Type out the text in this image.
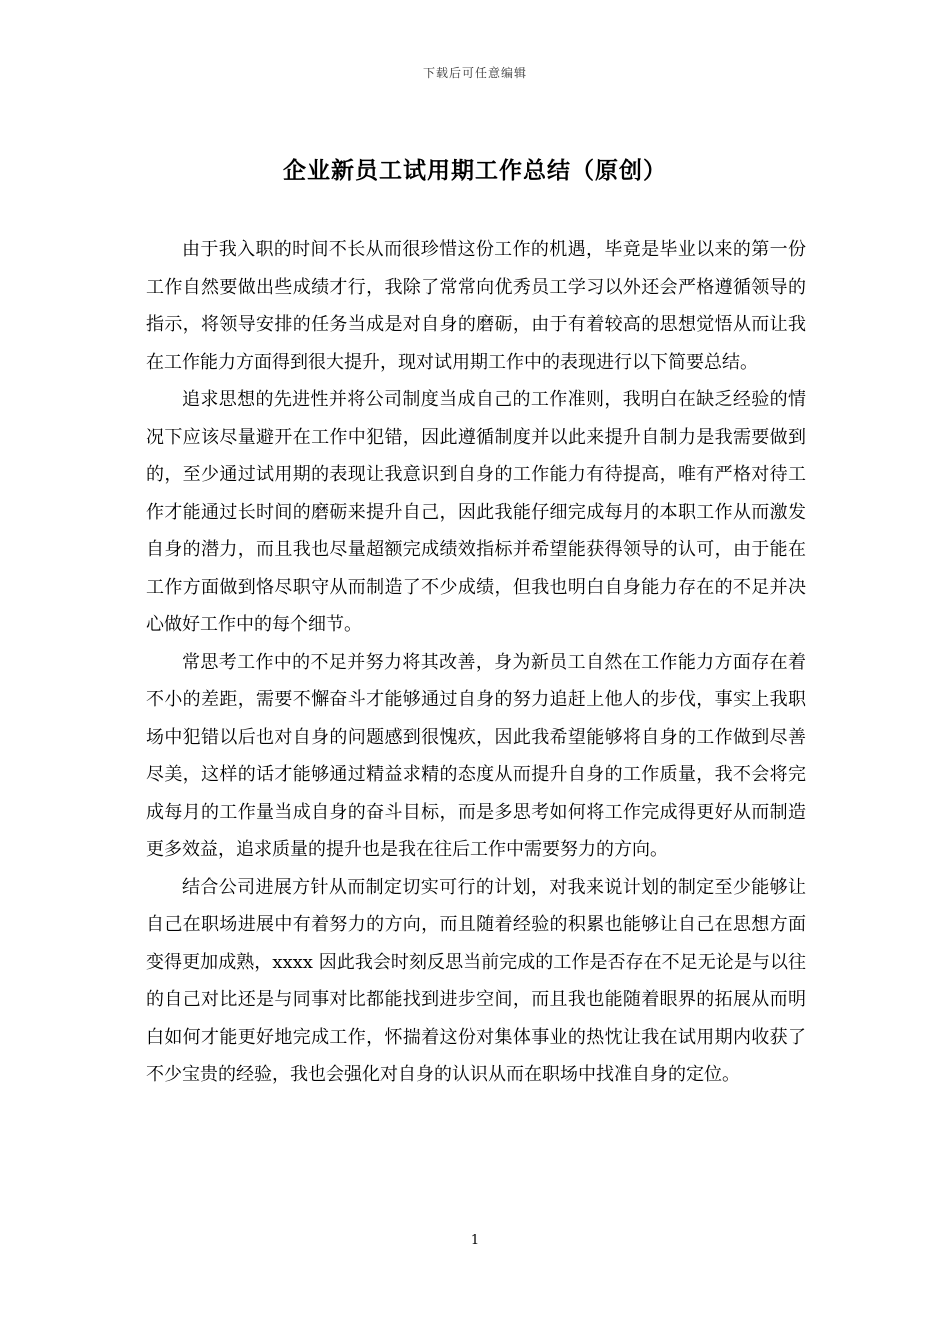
下载后可任意编辑
企业新员工试用期工作总结（原创）

由于我入职的时间不长从而很珍惜这份工作的机遇，毕竟是毕业以来的第一份工作自然要做出些成绩才行，我除了常常向优秀员工学习以外还会严格遵循领导的指示，将领导安排的任务当成是对自身的磨砺，由于有着较高的思想觉悟从而让我在工作能力方面得到很大提升，现对试用期工作中的表现进行以下简要总结。

追求思想的先进性并将公司制度当成自己的工作准则，我明白在缺乏经验的情况下应该尽量避开在工作中犯错，因此遵循制度并以此来提升自制力是我需要做到的，至少通过试用期的表现让我意识到自身的工作能力有待提高，唯有严格对待工作才能通过长时间的磨砺来提升自己，因此我能仔细完成每月的本职工作从而激发自身的潜力，而且我也尽量超额完成绩效指标并希望能获得领导的认可，由于能在工作方面做到恪尽职守从而制造了不少成绩，但我也明白自身能力存在的不足并决心做好工作中的每个细节。

常思考工作中的不足并努力将其改善，身为新员工自然在工作能力方面存在着不小的差距，需要不懈奋斗才能够通过自身的努力追赶上他人的步伐，事实上我职场中犯错以后也对自身的问题感到很愧疚，因此我希望能够将自身的工作做到尽善尽美，这样的话才能够通过精益求精的态度从而提升自身的工作质量，我不会将完成每月的工作量当成自身的奋斗目标，而是多思考如何将工作完成得更好从而制造更多效益，追求质量的提升也是我在往后工作中需要努力的方向。

结合公司进展方针从而制定切实可行的计划，对我来说计划的制定至少能够让自己在职场进展中有着努力的方向，而且随着经验的积累也能够让自己在思想方面变得更加成熟，xxxx 因此我会时刻反思当前完成的工作是否存在不足无论是与以往的自己对比还是与同事对比都能找到进步空间，而且我也能随着眼界的拓展从而明白如何才能更好地完成工作，怀揣着这份对集体事业的热忱让我在试用期内收获了不少宝贵的经验，我也会强化对自身的认识从而在职场中找准自身的定位。

1
